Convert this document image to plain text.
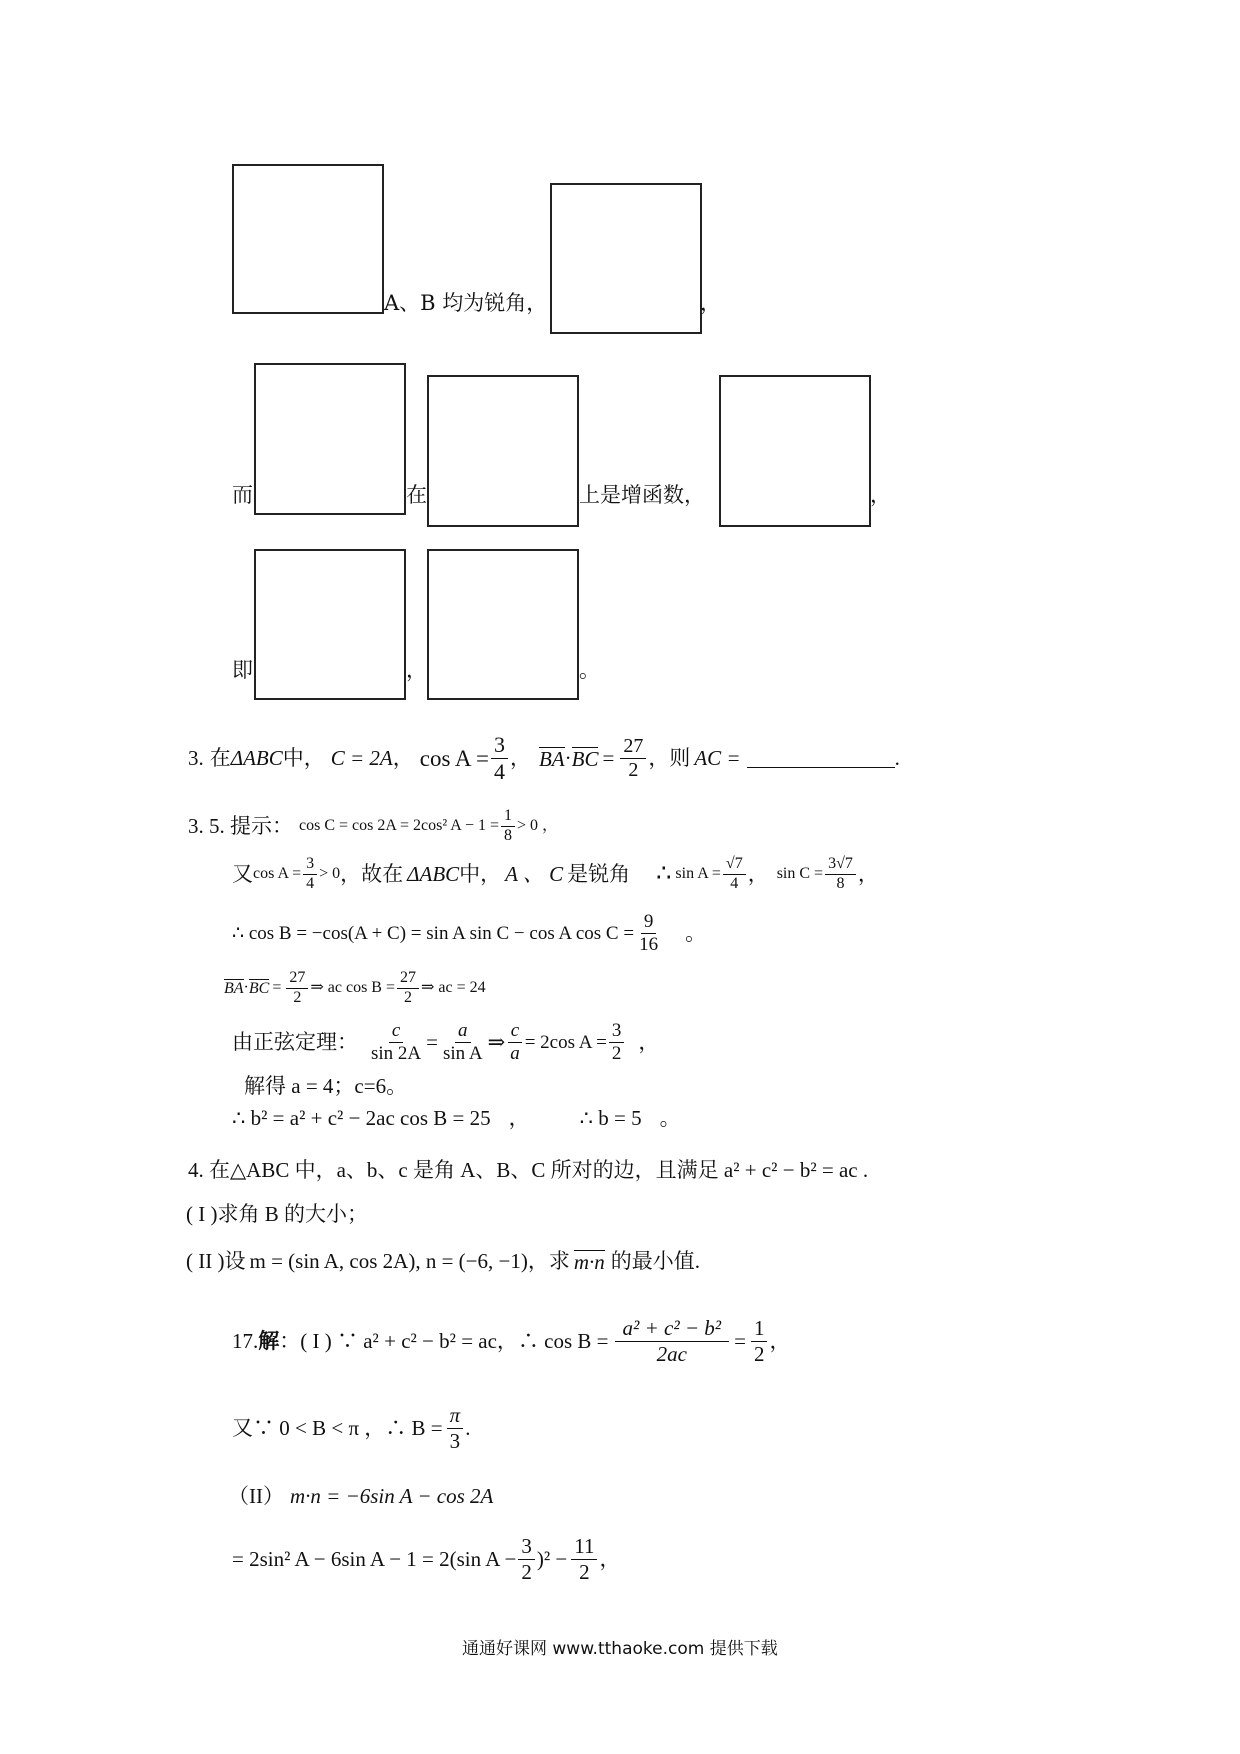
A、B 均为锐角，	，
而	在	上是增函数，	，
即	，	。
3. 在 ΔABC 中， C = 2A ， $\cos A = \frac{3}{4}$ ， BA · BC = $\frac{27}{2}$ ，则 AC =	.
3. 5. 提示： cos C = cos 2A = 2cos² $A - 1 = \frac{1}{8} > 0$ ，
又 $\cos A = \frac{3}{4} > 0$ ，故在 ΔABC 中， A 、 C 是锐角 ∴ $\sin A = \frac{√7}{4}$ ， $\sin C = \frac{3√7}{8}$ ，
∴ cos B = −cos(A + C) = sin A sin C − cos A $\cos C = \frac{9}{16}$ 。
BA · BC = $\frac{27}{2}$ ⇒ ac $\cos B = \frac{27}{2}$ ⇒ ac = 24
由正弦定理： $\frac{c}{\sin 2A} = \frac{a}{\text{sin A}}$ ⇒ $\frac{c}{a} = 2\cos$ $A = \frac{3}{2}$ ，
解得 a = 4；c=6。
∴ b² = a² + c² − 2ac cos B = 25 ， ∴ b = 5 。
4. 在△ABC 中，a、b、c 是角 A、B、C 所对的边，且满足 a² + c² − b² = ac .
( I )求角 B 的大小；
( II )设 m = (sin A, cos 2A), n = (−6, −1) ，求 m·n 的最小值.
17. 解 ：( I ) ∵ a² + c² − b² = ac，∴ $\cos B = \frac{\text{a² + c² − b²}}{2ac} = \frac{1}{2}$ ，
又∵ 0 < B < π ，∴ $B = \frac{\pi}{3}$ .
（II） m·n = −6sin A − cos 2A
= 2sin² A − 6sin A − 1 = 2(sin $A - \frac{3}{2} )^2 - \frac{11}{2}$ ，
通通好课网 www.tthaoke.com 提供下载
